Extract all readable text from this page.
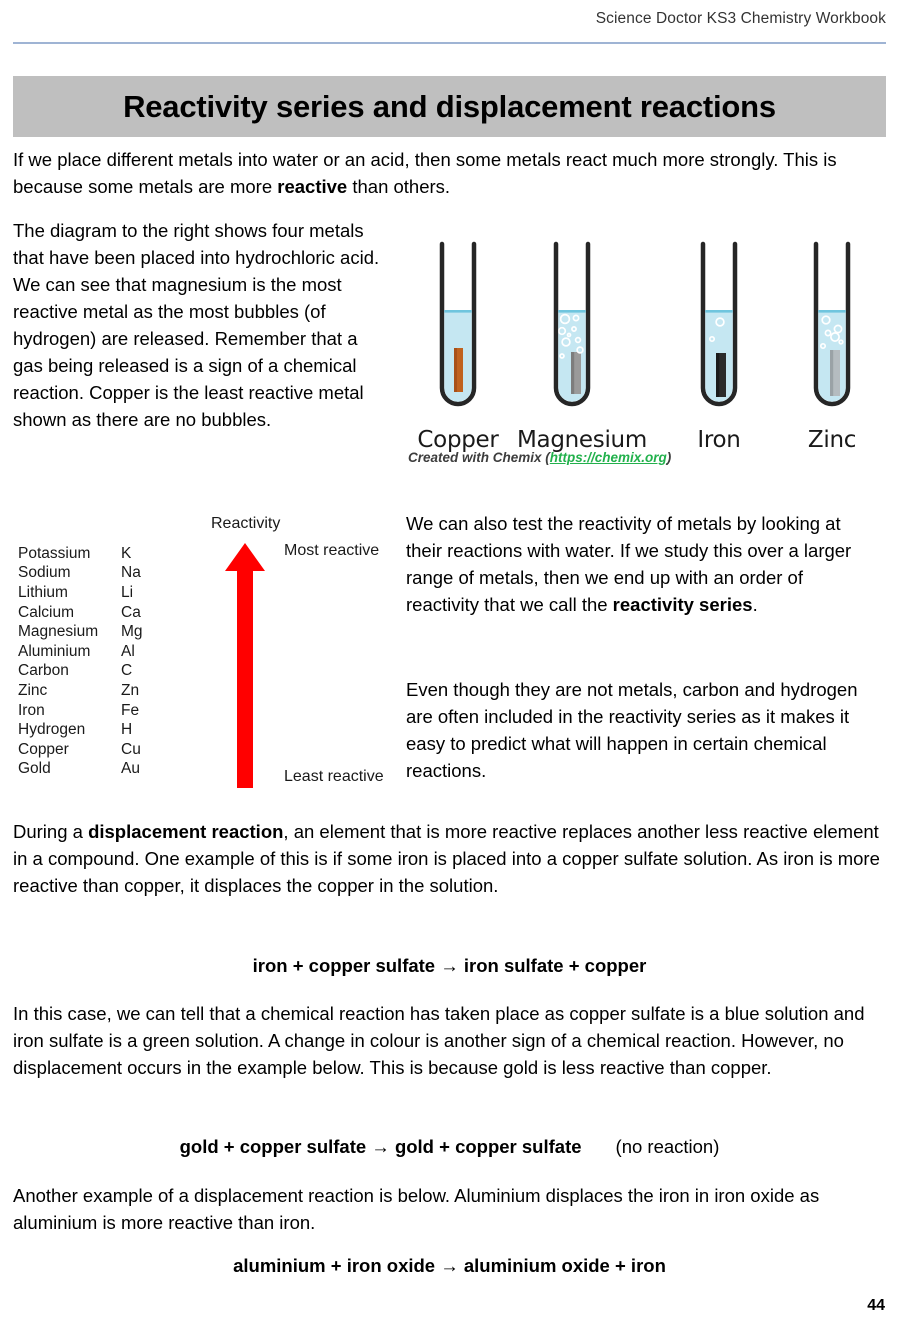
Science Doctor KS3 Chemistry Workbook
Reactivity series and displacement reactions
If we place different metals into water or an acid, then some metals react much more strongly. This is because some metals are more reactive than others.
The diagram to the right shows four metals that have been placed into hydrochloric acid. We can see that magnesium is the most reactive metal as the most bubbles (of hydrogen) are released. Remember that a gas being released is a sign of a chemical reaction. Copper is the least reactive metal shown as there are no bubbles.
Copper Magnesium	Iron	Zinc
Created with Chemix (https://chemix.org)
Reactivity
Potassium	K
Sodium	Na
Lithium	Li
Calcium	Ca
Magnesium	Mg
Aluminium	Al
Carbon	C
Zinc	Zn
Iron	Fe
Hydrogen	H
Copper	Cu
Gold	Au
Most reactive
Least reactive
We can also test the reactivity of metals by looking at their reactions with water. If we study this over a larger range of metals, then we end up with an order of reactivity that we call the reactivity series.
Even though they are not metals, carbon and hydrogen are often included in the reactivity series as it makes it easy to predict what will happen in certain chemical reactions.
During a displacement reaction, an element that is more reactive replaces another less reactive element in a compound. One example of this is if some iron is placed into a copper sulfate solution. As iron is more reactive than copper, it displaces the copper in the solution.
iron + copper sulfate → iron sulfate + copper
In this case, we can tell that a chemical reaction has taken place as copper sulfate is a blue solution and iron sulfate is a green solution. A change in colour is another sign of a chemical reaction. However, no displacement occurs in the example below. This is because gold is less reactive than copper.
gold + copper sulfate → gold + copper sulfate (no reaction)
Another example of a displacement reaction is below. Aluminium displaces the iron in iron oxide as aluminium is more reactive than iron.
aluminium + iron oxide → aluminium oxide + iron
44
